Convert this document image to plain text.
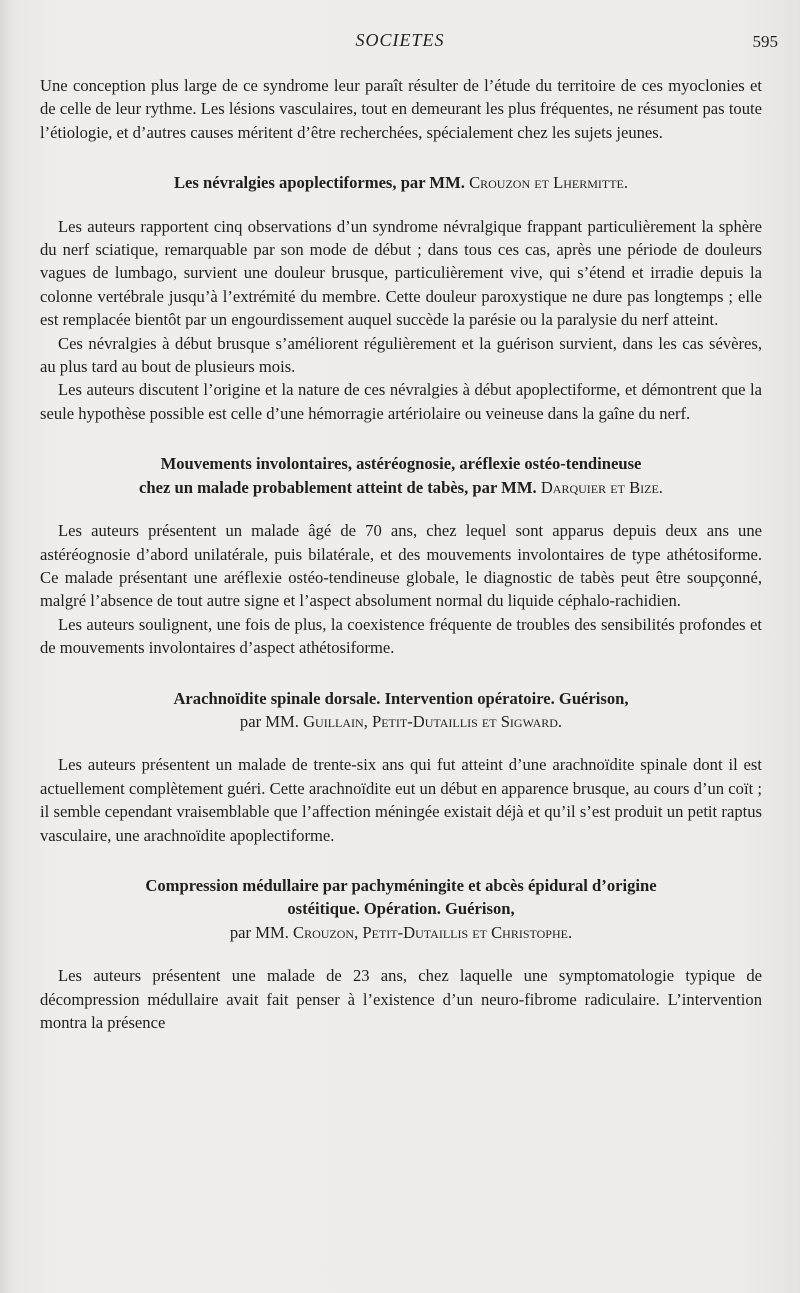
SOCIETES	595

Une conception plus large de ce syndrome leur paraît résulter de l’étude du territoire de ces myoclonies et de celle de leur rythme. Les lésions vasculaires, tout en demeurant les plus fréquentes, ne résument pas toute l’étiologie, et d’autres causes méritent d’être recherchées, spécialement chez les sujets jeunes.

Les névralgies apoplectiformes, par MM. Crouzon et Lhermitte.

Les auteurs rapportent cinq observations d’un syndrome névralgique frappant particulièrement la sphère du nerf sciatique, remarquable par son mode de début ; dans tous ces cas, après une période de douleurs vagues de lumbago, survient une douleur brusque, particulièrement vive, qui s’étend et irradie depuis la colonne vertébrale jusqu’à l’extrémité du membre. Cette douleur paroxystique ne dure pas longtemps ; elle est remplacée bientôt par un engourdissement auquel succède la parésie ou la paralysie du nerf atteint.

Ces névralgies à début brusque s’améliorent régulièrement et la guérison survient, dans les cas sévères, au plus tard au bout de plusieurs mois.

Les auteurs discutent l’origine et la nature de ces névralgies à début apoplectiforme, et démontrent que la seule hypothèse possible est celle d’une hémorragie artériolaire ou veineuse dans la gaîne du nerf.

Mouvements involontaires, astéréognosie, aréflexie ostéo-tendineuse
chez un malade probablement atteint de tabès, par MM. Darquier et Bize.

Les auteurs présentent un malade âgé de 70 ans, chez lequel sont apparus depuis deux ans une astéréognosie d’abord unilatérale, puis bilatérale, et des mouvements involontaires de type athétosiforme. Ce malade présentant une aréflexie ostéo-tendineuse globale, le diagnostic de tabès peut être soupçonné, malgré l’absence de tout autre signe et l’aspect absolument normal du liquide céphalo-rachidien.

Les auteurs soulignent, une fois de plus, la coexistence fréquente de troubles des sensibilités profondes et de mouvements involontaires d’aspect athétosiforme.

Arachnoïdite spinale dorsale. Intervention opératoire. Guérison,
par MM. Guillain, Petit-Dutaillis et Sigward.

Les auteurs présentent un malade de trente-six ans qui fut atteint d’une arachnoïdite spinale dont il est actuellement complètement guéri. Cette arachnoïdite eut un début en apparence brusque, au cours d’un coït ; il semble cependant vraisemblable que l’affection méningée existait déjà et qu’il s’est produit un petit raptus vasculaire, une arachnoïdite apoplectiforme.

Compression médullaire par pachyméningite et abcès épidural d’origine
ostéitique. Opération. Guérison,
par MM. Crouzon, Petit-Dutaillis et Christophe.

Les auteurs présentent une malade de 23 ans, chez laquelle une symptomatologie typique de décompression médullaire avait fait penser à l’existence d’un neuro-fibrome radiculaire. L’intervention montra la présence
